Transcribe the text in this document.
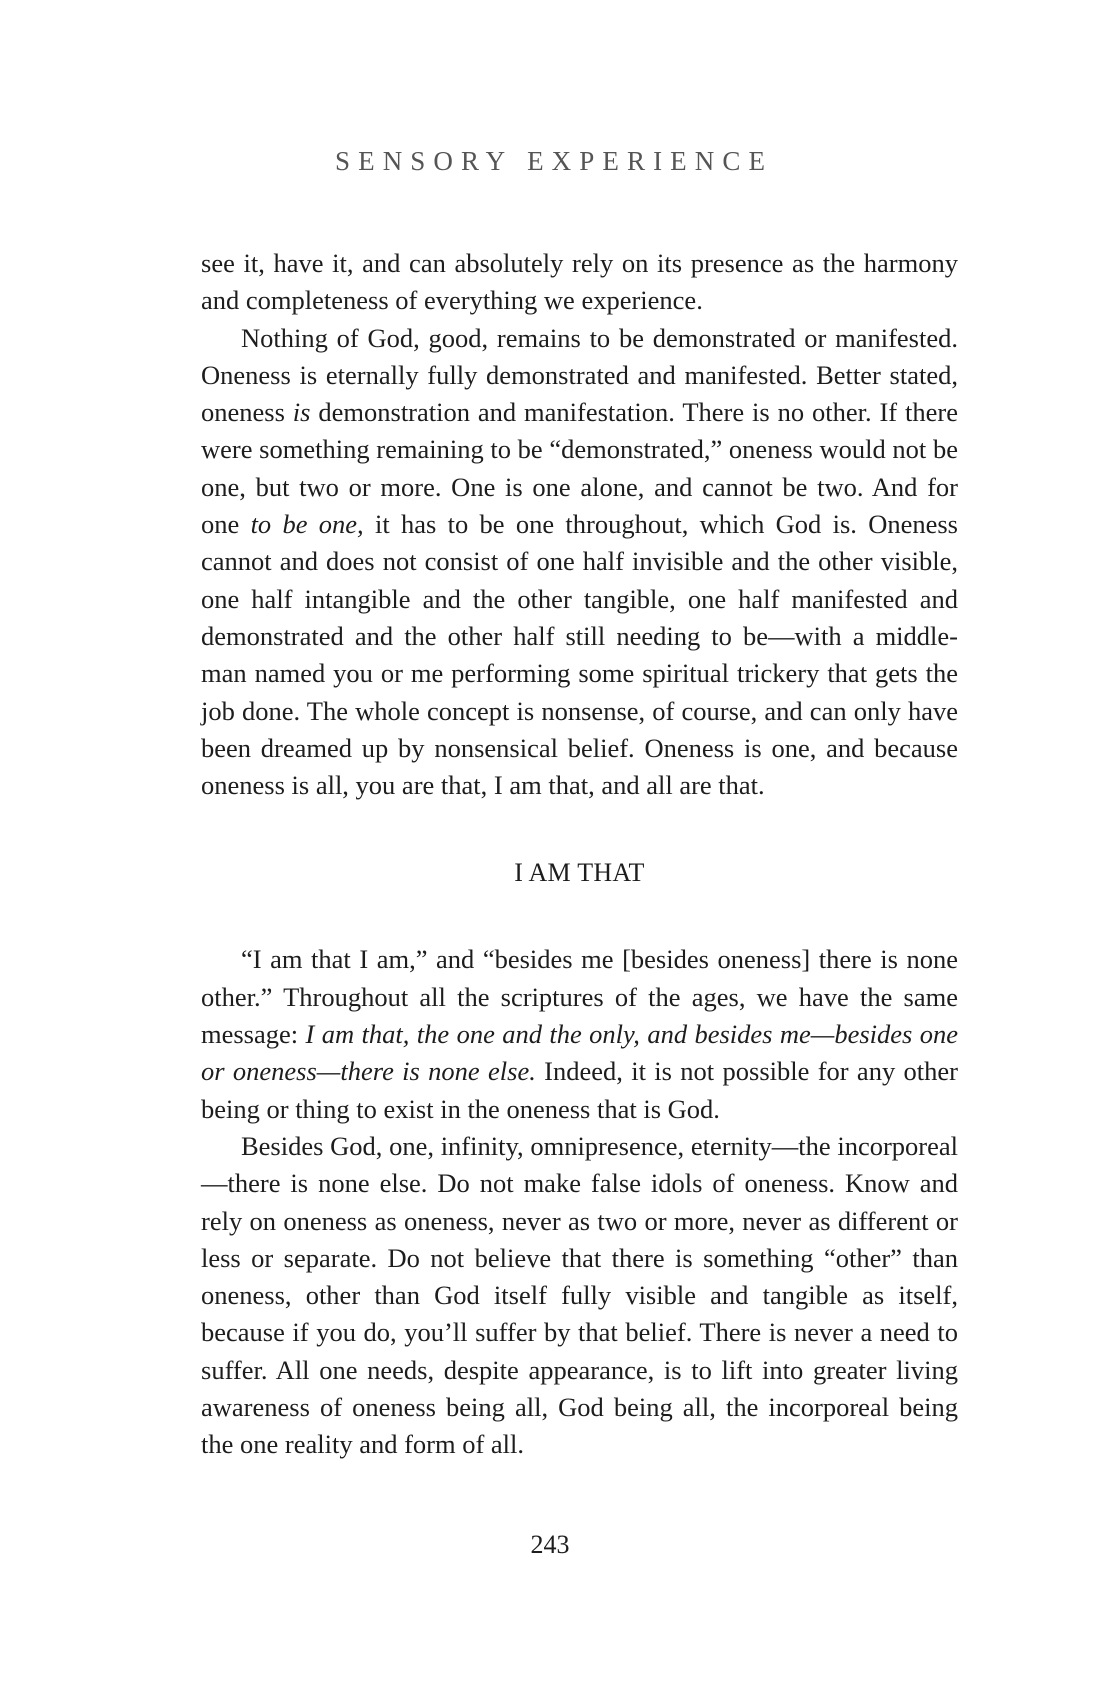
SENSORY EXPERIENCE

see it, have it, and can absolutely rely on its presence as the harmony and completeness of everything we experience.

Nothing of God, good, remains to be demonstrated or manifested. Oneness is eternally fully demonstrated and manifested. Better stated, oneness is demonstration and manifestation. There is no other. If there were something remaining to be “demonstrated,” oneness would not be one, but two or more. One is one alone, and cannot be two. And for one to be one, it has to be one throughout, which God is. Oneness cannot and does not consist of one half invisible and the other visible, one half intangible and the other tangible, one half manifested and demonstrated and the other half still needing to be—with a middle-man named you or me performing some spiritual trickery that gets the job done. The whole concept is nonsense, of course, and can only have been dreamed up by nonsensical belief. Oneness is one, and because oneness is all, you are that, I am that, and all are that.

I AM THAT

“I am that I am,” and “besides me [besides oneness] there is none other.” Throughout all the scriptures of the ages, we have the same message: I am that, the one and the only, and besides me—besides one or oneness—there is none else. Indeed, it is not possible for any other being or thing to exist in the oneness that is God.

Besides God, one, infinity, omnipresence, eternity—the incorporeal—there is none else. Do not make false idols of oneness. Know and rely on oneness as oneness, never as two or more, never as different or less or separate. Do not believe that there is something “other” than oneness, other than God itself fully visible and tangible as itself, because if you do, you’ll suffer by that belief. There is never a need to suffer. All one needs, despite appearance, is to lift into greater living awareness of oneness being all, God being all, the incorporeal being the one reality and form of all.

243
